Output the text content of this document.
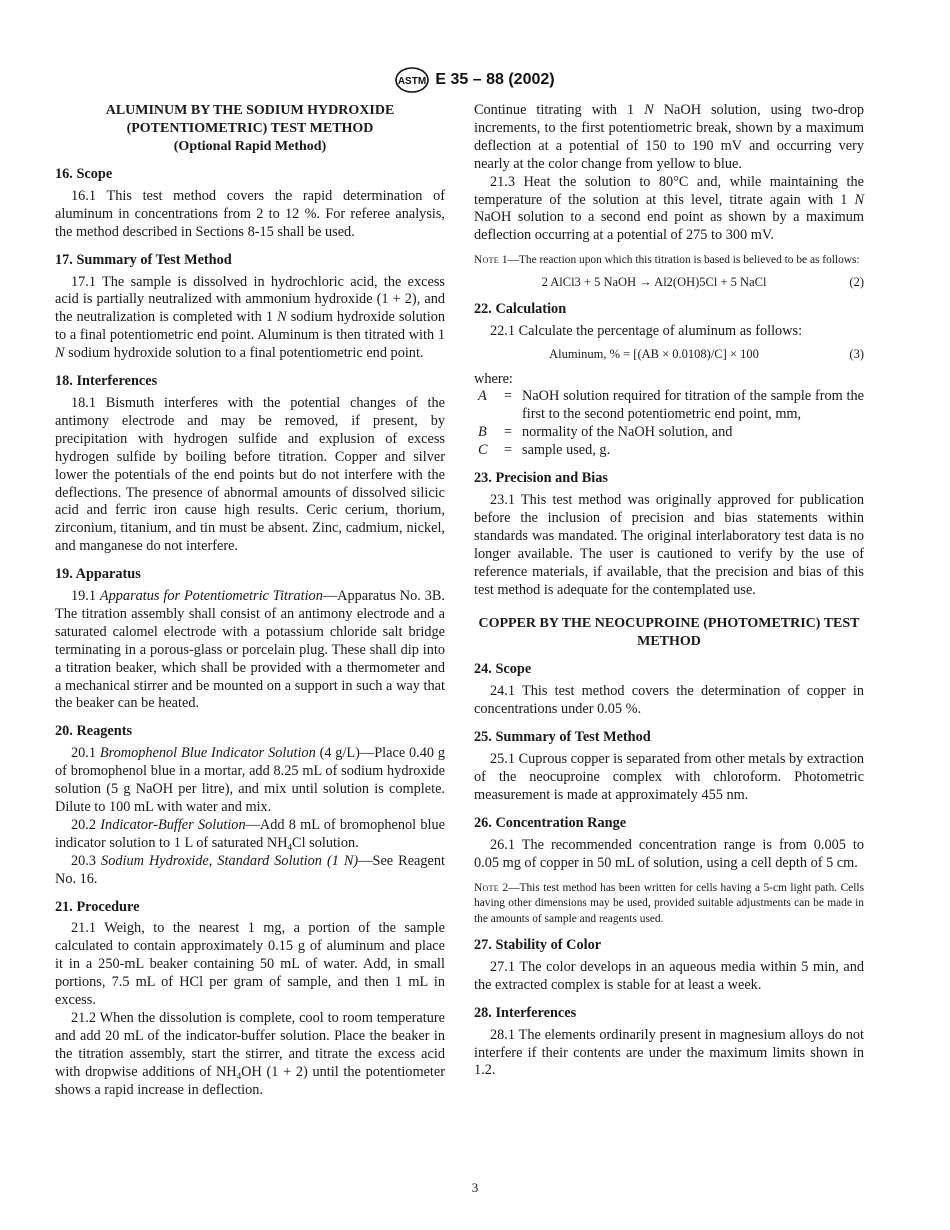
ASTM E 35 – 88 (2002)
ALUMINUM BY THE SODIUM HYDROXIDE (POTENTIOMETRIC) TEST METHOD
(Optional Rapid Method)
16. Scope

16.1 This test method covers the rapid determination of aluminum in concentrations from 2 to 12 %. For referee analysis, the method described in Sections 8-15 shall be used.

17. Summary of Test Method

17.1 The sample is dissolved in hydrochloric acid, the excess acid is partially neutralized with ammonium hydroxide (1 + 2), and the neutralization is completed with 1 N sodium hydroxide solution to a final potentiometric end point. Aluminum is then titrated with 1 N sodium hydroxide solution to a final potentiometric end point.

18. Interferences

18.1 Bismuth interferes with the potential changes of the antimony electrode and may be removed, if present, by precipitation with hydrogen sulfide and explusion of excess hydrogen sulfide by boiling before titration. Copper and silver lower the potentials of the end points but do not interfere with the deflections. The presence of abnormal amounts of dissolved silicic acid and ferric iron cause high results. Ceric cerium, thorium, zirconium, titanium, and tin must be absent. Zinc, cadmium, nickel, and manganese do not interfere.

19. Apparatus

19.1 Apparatus for Potentiometric Titration—Apparatus No. 3B. The titration assembly shall consist of an antimony electrode and a saturated calomel electrode with a potassium chloride salt bridge terminating in a porous-glass or porcelain plug. These shall dip into a titration beaker, which shall be provided with a thermometer and a mechanical stirrer and be mounted on a support in such a way that the beaker can be heated.

20. Reagents

20.1 Bromophenol Blue Indicator Solution (4 g/L)—Place 0.40 g of bromophenol blue in a mortar, add 8.25 mL of sodium hydroxide solution (5 g NaOH per litre), and mix until solution is complete. Dilute to 100 mL with water and mix.

20.2 Indicator-Buffer Solution—Add 8 mL of bromophenol blue indicator solution to 1 L of saturated $NH_4Cl$ solution.

20.3 Sodium Hydroxide, Standard Solution (1 N)—See Reagent No. 16.

21. Procedure

21.1 Weigh, to the nearest 1 mg, a portion of the sample calculated to contain approximately 0.15 g of aluminum and place it in a 250-mL beaker containing 50 mL of water. Add, in small portions, 7.5 mL of HCl per gram of sample, and then 1 mL in excess.

21.2 When the dissolution is complete, cool to room temperature and add 20 mL of the indicator-buffer solution. Place the beaker in the titration assembly, start the stirrer, and titrate the excess acid with dropwise additions of $NH_4OH$ (1 + 2) until the potentiometer shows a rapid increase in deflection.

Continue titrating with 1 N NaOH solution, using two-drop increments, to the first potentiometric break, shown by a maximum deflection at a potential of 150 to 190 mV and occurring very nearly at the color change from yellow to blue.

21.3 Heat the solution to 80°C and, while maintaining the temperature of the solution at this level, titrate again with 1 N NaOH solution to a second end point as shown by a maximum deflection occurring at a potential of 275 to 300 mV.

Note 1—The reaction upon which this titration is based is believed to be as follows:
2 AlCl3 + 5 NaOH → Al2(OH)5Cl + 5 NaCl	(2)
22. Calculation

22.1 Calculate the percentage of aluminum as follows:

Aluminum, % = [(AB × 0.0108)/C] × 100	(3)

where:

A	= NaOH solution required for titration of the sample from the first to the second potentiometric end point, mm,
B	= normality of the NaOH solution, and
C	= sample used, g.
23. Precision and Bias

23.1 This test method was originally approved for publication before the inclusion of precision and bias statements within standards was mandated. The original interlaboratory test data is no longer available. The user is cautioned to verify by the use of reference materials, if available, that the precision and bias of this test method is adequate for the contemplated use.

COPPER BY THE NEOCUPROINE (PHOTOMETRIC) TEST METHOD
24. Scope

24.1 This test method covers the determination of copper in concentrations under 0.05 %.

25. Summary of Test Method

25.1 Cuprous copper is separated from other metals by extraction of the neocuproine complex with chloroform. Photometric measurement is made at approximately 455 nm.

26. Concentration Range

26.1 The recommended concentration range is from 0.005 to 0.05 mg of copper in 50 mL of solution, using a cell depth of 5 cm.

Note 2—This test method has been written for cells having a 5-cm light path. Cells having other dimensions may be used, provided suitable adjustments can be made in the amounts of sample and reagents used.
27. Stability of Color

27.1 The color develops in an aqueous media within 5 min, and the extracted complex is stable for at least a week.

28. Interferences

28.1 The elements ordinarily present in magnesium alloys do not interfere if their contents are under the maximum limits shown in 1.2.

3
